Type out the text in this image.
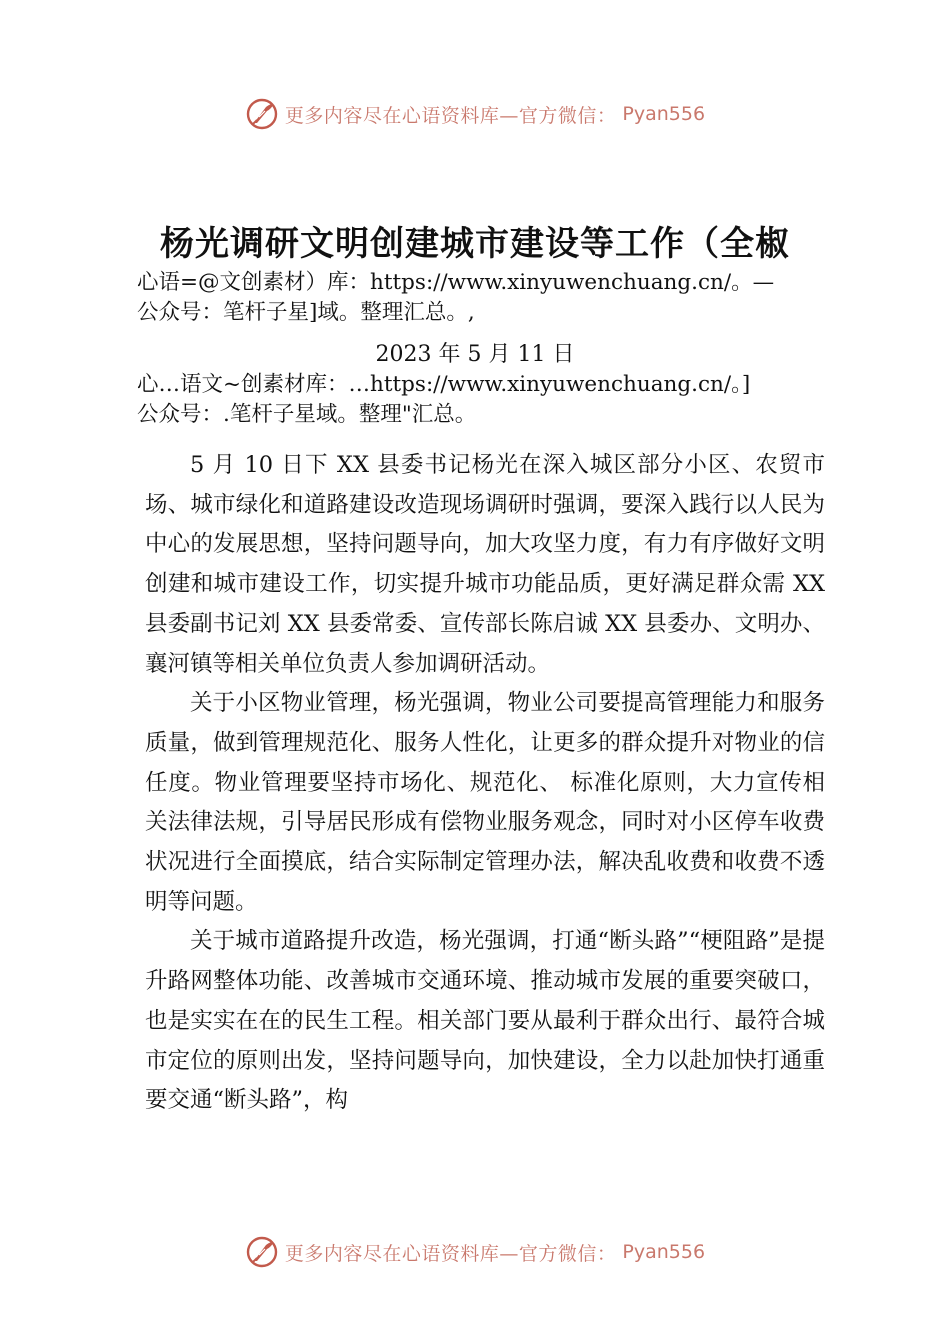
更多内容尽在心语资料库—官方微信： Pyan556
杨光调研文明创建城市建设等工作（全椒

心语=@文创素材）库：https://www.xinyuwenchuang.cn/。—

公众号：笔杆子星]域。整理汇总。,

2023 年 5 月 11 日

心…语文~创素材库：…https://www.xinyuwenchuang.cn/。]

公众号：.笔杆子星域。整理"汇总。

5 月 10 日下 XX 县委书记杨光在深入城区部分小区、农贸市场、城市绿化和道路建设改造现场调研时强调，要深入践行以人民为中心的发展思想，坚持问题导向，加大攻坚力度，有力有序做好文明创建和城市建设工作，切实提升城市功能品质，更好满足群众需 XX 县委副书记刘 XX 县委常委、宣传部长陈启诚 XX 县委办、文明办、襄河镇等相关单位负责人参加调研活动。

关于小区物业管理，杨光强调，物业公司要提高管理能力和服务质量，做到管理规范化、服务人性化，让更多的群众提升对物业的信任度。物业管理要坚持市场化、规范化、 标准化原则，大力宣传相关法律法规，引导居民形成有偿物业服务观念，同时对小区停车收费状况进行全面摸底，结合实际制定管理办法，解决乱收费和收费不透明等问题。

关于城市道路提升改造，杨光强调，打通“断头路”“梗阻路”是提升路网整体功能、改善城市交通环境、推动城市发展的重要突破口，也是实实在在的民生工程。相关部门要从最利于群众出行、最符合城市定位的原则出发，坚持问题导向，加快建设，全力以赴加快打通重要交通“断头路”，构

更多内容尽在心语资料库—官方微信： Pyan556
